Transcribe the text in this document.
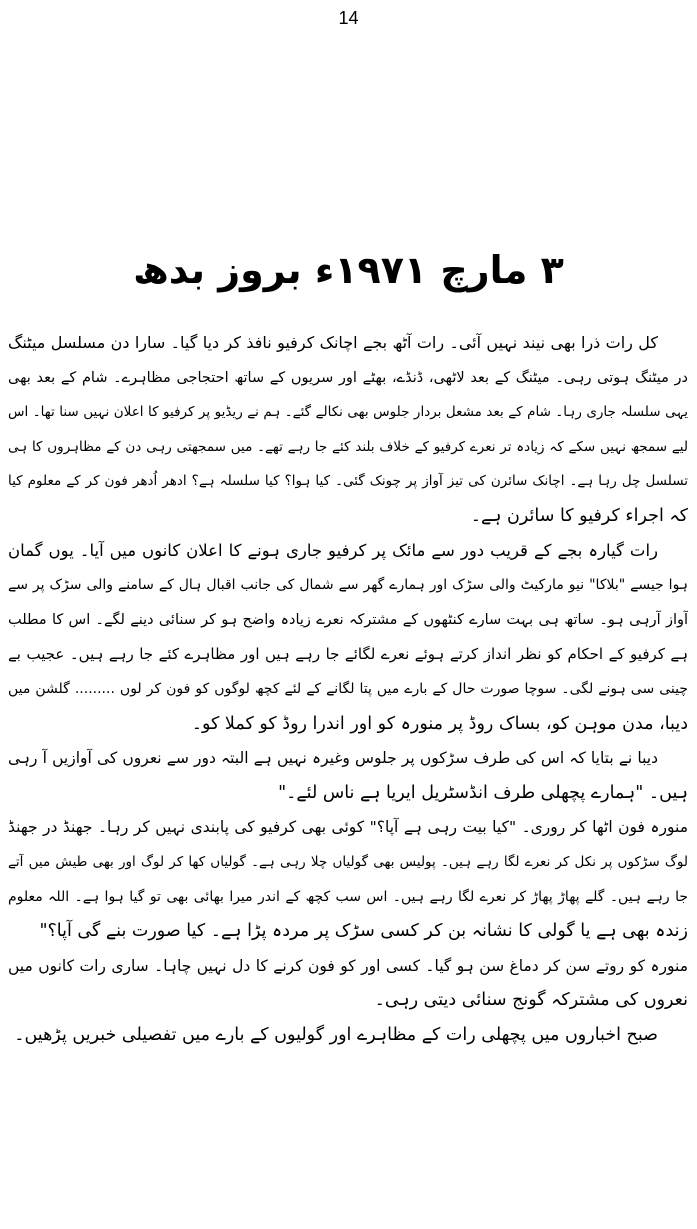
14
۳ مارچ ۱۹۷۱ء بروز بدھ
کل رات ذرا بھی نیند نہیں آئی۔ رات آٹھ بجے اچانک کرفیو نافذ کر دیا گیا۔ سارا دن مسلسل میٹنگ
در میٹنگ ہوتی رہی۔ میٹنگ کے بعد لاٹھی، ڈنڈے، بھٹے اور سریوں کے ساتھ احتجاجی مظاہرے۔ شام کے بعد بھی
یہی سلسلہ جاری رہا۔ شام کے بعد مشعل بردار جلوس بھی نکالے گئے۔ ہم نے ریڈیو پر کرفیو کا اعلان نہیں سنا تھا۔ اس
لیے سمجھ نہیں سکے کہ زیادہ تر نعرے کرفیو کے خلاف بلند کئے جا رہے تھے۔ میں سمجھتی رہی دن کے مظاہروں کا ہی
تسلسل چل رہا ہے۔ اچانک سائرن کی تیز آواز پر چونک گئی۔ کیا ہوا؟ کیا سلسلہ ہے؟ ادھر اُدھر فون کر کے معلوم کیا
کہ اجراء کرفیو کا سائرن ہے۔
رات گیارہ بجے کے قریب دور سے مائک پر کرفیو جاری ہونے کا اعلان کانوں میں آیا۔ یوں گمان
ہوا جیسے "بلاکا" نیو مارکیٹ والی سڑک اور ہمارے گھر سے شمال کی جانب اقبال ہال کے سامنے والی سڑک پر سے
آواز آرہی ہو۔ ساتھ ہی بہت سارے کنٹھوں کے مشترکہ نعرے زیادہ واضح ہو کر سنائی دینے لگے۔ اس کا مطلب
ہے کرفیو کے احکام کو نظر انداز کرتے ہوئے نعرے لگائے جا رہے ہیں اور مظاہرے کئے جا رہے ہیں۔ عجیب بے
چینی سی ہونے لگی۔ سوچا صورت حال کے بارے میں پتا لگانے کے لئے کچھ لوگوں کو فون کر لوں ......... گلشن میں
دیبا، مدن موہن کو، بساک روڈ پر منورہ کو اور اندرا روڈ کو کملا کو۔
دیبا نے بتایا کہ اس کی طرف سڑکوں پر جلوس وغیرہ نہیں ہے البتہ دور سے نعروں کی آوازیں آ رہی
ہیں۔ "ہمارے پچھلی طرف انڈسٹریل ایریا ہے ناس لئے۔"
منورہ فون اٹھا کر روری۔ "کیا بیت رہی ہے آپا؟" کوئی بھی کرفیو کی پابندی نہیں کر رہا۔ جھنڈ در جھنڈ
لوگ سڑکوں پر نکل کر نعرے لگا رہے ہیں۔ پولیس بھی گولیاں چلا رہی ہے۔ گولیاں کھا کر لوگ اور بھی طیش میں آتے
جا رہے ہیں۔ گلے پھاڑ پھاڑ کر نعرے لگا رہے ہیں۔ اس سب کچھ کے اندر میرا بھائی بھی تو گیا ہوا ہے۔ اللہ معلوم
زندہ بھی ہے یا گولی کا نشانہ بن کر کسی سڑک پر مردہ پڑا ہے۔ کیا صورت بنے گی آپا؟"
منورہ کو روتے سن کر دماغ سن ہو گیا۔ کسی اور کو فون کرنے کا دل نہیں چاہا۔ ساری رات کانوں میں
نعروں کی مشترکہ گونج سنائی دیتی رہی۔
صبح اخباروں میں پچھلی رات کے مظاہرے اور گولیوں کے بارے میں تفصیلی خبریں پڑھیں۔
